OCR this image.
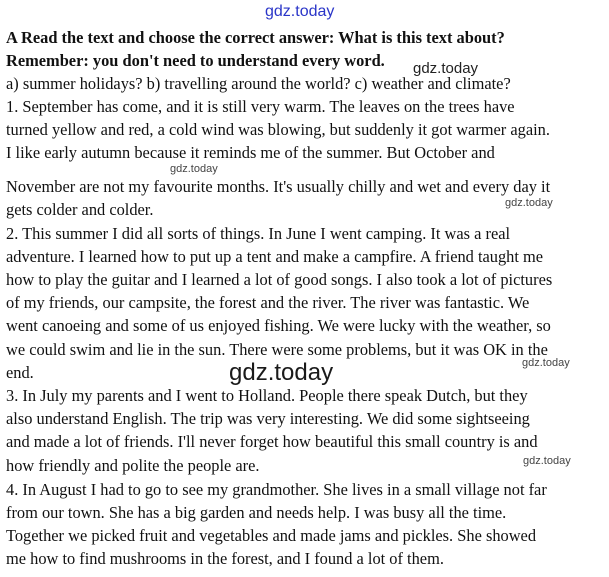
A Read the text and choose the correct answer: What is this text about?
Remember: you don't need to understand every word.
a) summer holidays? b) travelling around the world? c) weather and climate?
1. September has come, and it is still very warm. The leaves on the trees have
turned yellow and red, a cold wind was blowing, but suddenly it got warmer again.
I like early autumn because it reminds me of the summer. But October and
November are not my favourite months. It's usually chilly and wet and every day it
gets colder and colder.
2. This summer I did all sorts of things. In June I went camping. It was a real
adventure. I learned how to put up a tent and make a campfire. A friend taught me
how to play the guitar and I learned a lot of good songs. I also took a lot of pictures
of my friends, our campsite, the forest and the river. The river was fantastic. We
went canoeing and some of us enjoyed fishing. We were lucky with the weather, so
we could swim and lie in the sun. There were some problems, but it was OK in the
end.
3. In July my parents and I went to Holland. People there speak Dutch, but they
also understand English. The trip was very interesting. We did some sightseeing
and made a lot of friends. I'll never forget how beautiful this small country is and
how friendly and polite the people are.
4. In August I had to go to see my grandmother. She lives in a small village not far
from our town. She has a big garden and needs help. I was busy all the time.
Together we picked fruit and vegetables and made jams and pickles. She showed
me how to find mushrooms in the forest, and I found a lot of them.
gdz.today
gdz.today
gdz.today
gdz.today
gdz.today	gdz.today
gdz.today
